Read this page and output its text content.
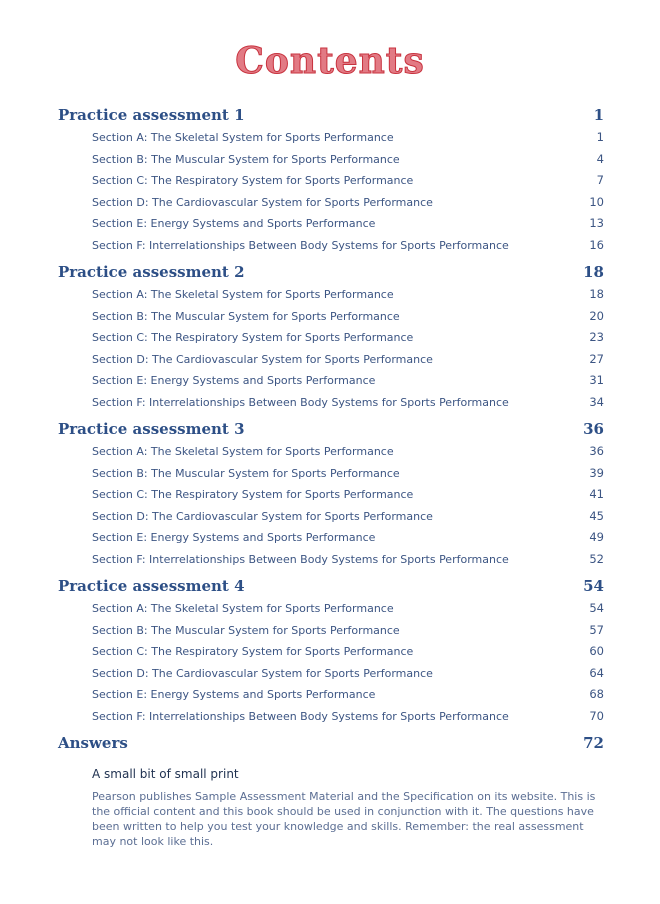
Contents
Practice assessment 1	1
Section A: The Skeletal System for Sports Performance	1
Section B: The Muscular System for Sports Performance	4
Section C: The Respiratory System for Sports Performance	7
Section D: The Cardiovascular System for Sports Performance	10
Section E: Energy Systems and Sports Performance	13
Section F: Interrelationships Between Body Systems for Sports Performance	16
Practice assessment 2	18
Section A: The Skeletal System for Sports Performance	18
Section B: The Muscular System for Sports Performance	20
Section C: The Respiratory System for Sports Performance	23
Section D: The Cardiovascular System for Sports Performance	27
Section E: Energy Systems and Sports Performance	31
Section F: Interrelationships Between Body Systems for Sports Performance	34
Practice assessment 3	36
Section A: The Skeletal System for Sports Performance	36
Section B: The Muscular System for Sports Performance	39
Section C: The Respiratory System for Sports Performance	41
Section D: The Cardiovascular System for Sports Performance	45
Section E: Energy Systems and Sports Performance	49
Section F: Interrelationships Between Body Systems for Sports Performance	52
Practice assessment 4	54
Section A: The Skeletal System for Sports Performance	54
Section B: The Muscular System for Sports Performance	57
Section C: The Respiratory System for Sports Performance	60
Section D: The Cardiovascular System for Sports Performance	64
Section E: Energy Systems and Sports Performance	68
Section F: Interrelationships Between Body Systems for Sports Performance	70
Answers	72
A small bit of small print
Pearson publishes Sample Assessment Material and the Specification on its website. This is the official content and this book should be used in conjunction with it. The questions have been written to help you test your knowledge and skills. Remember: the real assessment may not look like this.
